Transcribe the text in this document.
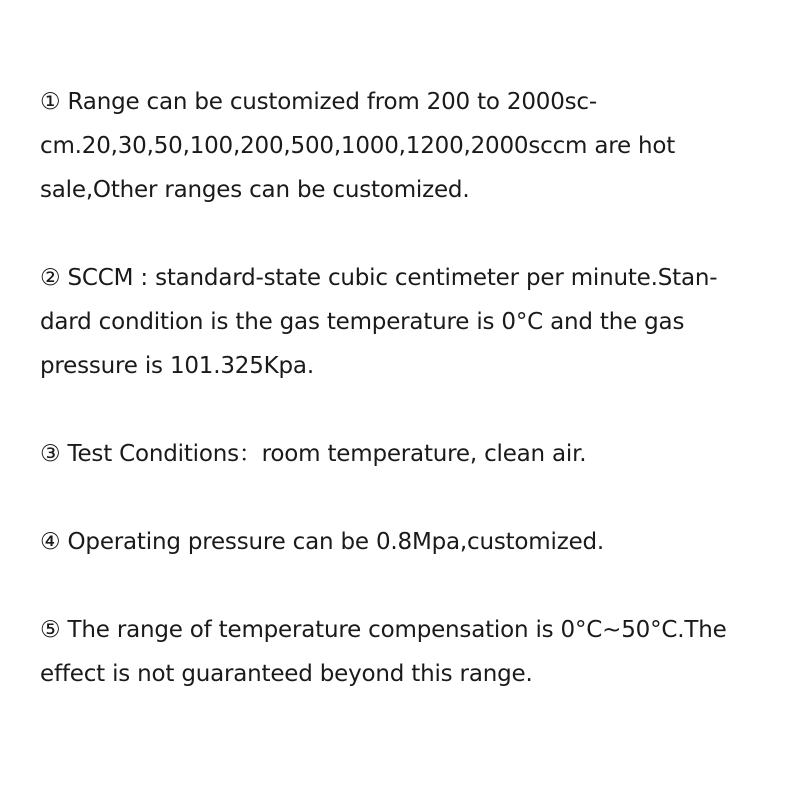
① Range can be customized from 200 to 2000sc-
cm.20,30,50,100,200,500,1000,1200,2000sccm are hot
sale,Other ranges can be customized.
② SCCM : standard-state cubic centimeter per minute.Stan-
dard condition is the gas temperature is 0°C and the gas
pressure is 101.325Kpa.
③ Test Conditions：room temperature, clean air.
④ Operating pressure can be 0.8Mpa,customized.
⑤ The range of temperature compensation is 0°C~50°C.The
effect is not guaranteed beyond this range.
